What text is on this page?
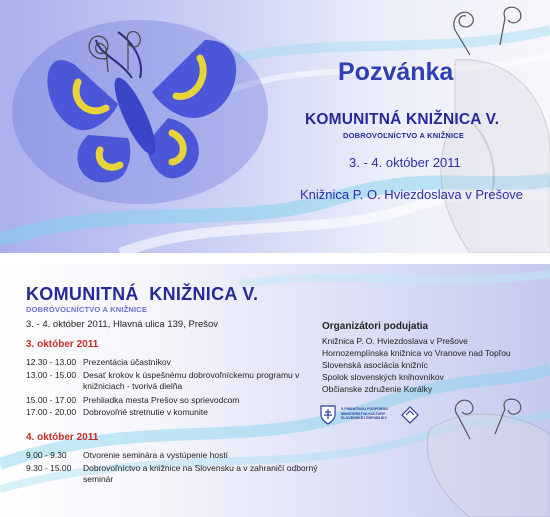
Pozvánka

KOMUNITNÁ KNIŽNICA V.

DOBROVOĽNÍCTVO A KNIŽNICE

3. - 4. október 2011

Knižnica P. O. Hviezdoslava v Prešove

KOMUNITNÁ  KNIŽNICA V.

DOBROVOĽNÍCTVO A KNIŽNICE

3. - 4. október 2011, Hlavná ulica 139, Prešov

3. október 2011

12.30 - 13.00 Prezentácia účastníkov
13.00 - 15.00 Desať krokov k úspešnému dobrovoľníckemu programu v knižniciach - tvorivá dielňa
15.00 - 17.00 Prehliadka mesta Prešov so sprievodcom
17.00 - 20.00 Dobrovoľné stretnutie v komunite

4. október 2011

9.00 - 9.30 Otvorenie seminára a vystúpenie hostí
9.30 - 15.00 Dobrovoľníctvo a knižnice na Slovensku a v zahraničí odborný seminár

Organizátori podujatia

Knižnica P. O. Hviezdoslava v Prešove

Hornozemplínska knižnica vo Vranove nad Topľou

Slovenská asociácia knižníc

Spolok slovenských knihovníkov

Občianske združenie Korálky

S FINANČNOU PODPOROU MINISTERSTVA KULTÚRY SLOVENSKEJ REPUBLIKY
